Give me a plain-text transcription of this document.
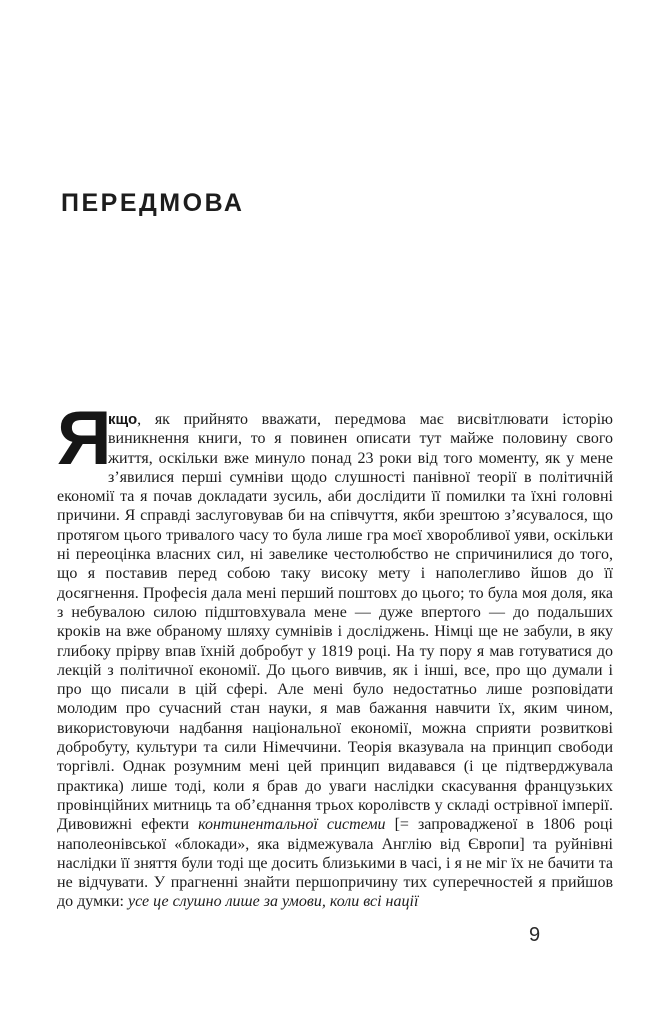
ПЕРЕДМОВА
Я
кщо, як прийнято вважати, передмова має висвітлювати історію виникнення книги, то я повинен описати тут майже половину свого життя, оскільки вже минуло понад 23 роки від того моменту, як у мене з’явилися перші сумніви щодо слушності панівної теорії в політичній економії та я почав докладати зусиль, аби дослідити її помилки та їхні головні причини. Я справді заслуговував би на співчуття, якби зрештою з’ясувалося, що протягом цього тривалого часу то була лише гра моєї хворобливої уяви, оскільки ні переоцінка власних сил, ні завелике честолюбство не спричинилися до того, що я поставив перед собою таку високу мету і наполегливо йшов до її досягнення. Професія дала мені перший поштовх до цього; то була моя доля, яка з небувалою силою підштовхувала мене — дуже впертого — до подальших кроків на вже обраному шляху сумнівів і досліджень. Німці ще не забули, в яку глибоку прірву впав їхній добробут у 1819 році. На ту пору я мав готуватися до лекцій з політичної економії. До цього вивчив, як і інші, все, про що думали і про що писали в цій сфері. Але мені було недостатньо лише розповідати молодим про сучасний стан науки, я мав бажання навчити їх, яким чином, використовуючи надбання національної економії, можна сприяти розвиткові добробуту, культури та сили Німеччини. Теорія вказувала на принцип свободи торгівлі. Однак розумним мені цей принцип видавався (і це підтверджувала практика) лише тоді, коли я брав до уваги наслідки скасування французьких провінційних митниць та об’єднання трьох королівств у складі острівної імперії. Дивовижні ефекти континентальної системи [= запровадженої в 1806 році наполеонівської «блокади», яка відмежувала Англію від Європи] та руйнівні наслідки її зняття були тоді ще досить близькими в часі, і я не міг їх не бачити та не відчувати. У прагненні знайти першопричину тих суперечностей я прийшов до думки: усе це слушно лише за умови, коли всі нації
9
